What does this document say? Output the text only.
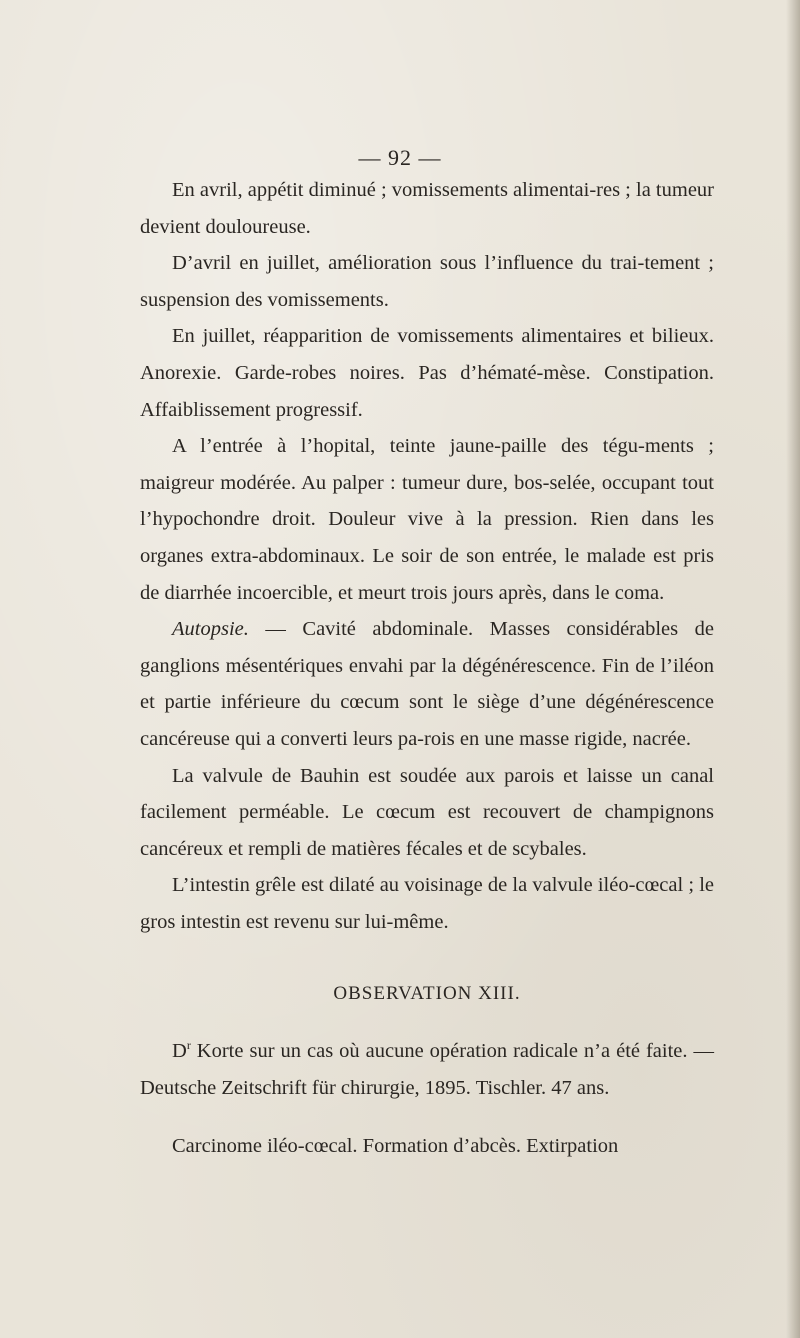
— 92 —

En avril, appétit diminué ; vomissements alimentai-res ; la tumeur devient douloureuse.

D’avril en juillet, amélioration sous l’influence du trai-tement ; suspension des vomissements.

En juillet, réapparition de vomissements alimentaires et bilieux. Anorexie. Garde-robes noires. Pas d’hématé-mèse. Constipation. Affaiblissement progressif.

A l’entrée à l’hopital, teinte jaune-paille des tégu-ments ; maigreur modérée. Au palper : tumeur dure, bos-selée, occupant tout l’hypochondre droit. Douleur vive à la pression. Rien dans les organes extra-abdominaux. Le soir de son entrée, le malade est pris de diarrhée incoercible, et meurt trois jours après, dans le coma.

Autopsie. — Cavité abdominale. Masses considérables de ganglions mésentériques envahi par la dégénérescence. Fin de l’iléon et partie inférieure du cœcum sont le siège d’une dégénérescence cancéreuse qui a converti leurs pa-rois en une masse rigide, nacrée.

La valvule de Bauhin est soudée aux parois et laisse un canal facilement perméable. Le cœcum est recouvert de champignons cancéreux et rempli de matières fécales et de scybales.

L’intestin grêle est dilaté au voisinage de la valvule iléo-cœcal ; le gros intestin est revenu sur lui-même.

OBSERVATION XIII.

$D^r$ Korte sur un cas où aucune opération radicale n’a été faite. — Deutsche Zeitschrift für chirurgie, 1895. Tischler. 47 ans.

Carcinome iléo-cœcal. Formation d’abcès. Extirpation
